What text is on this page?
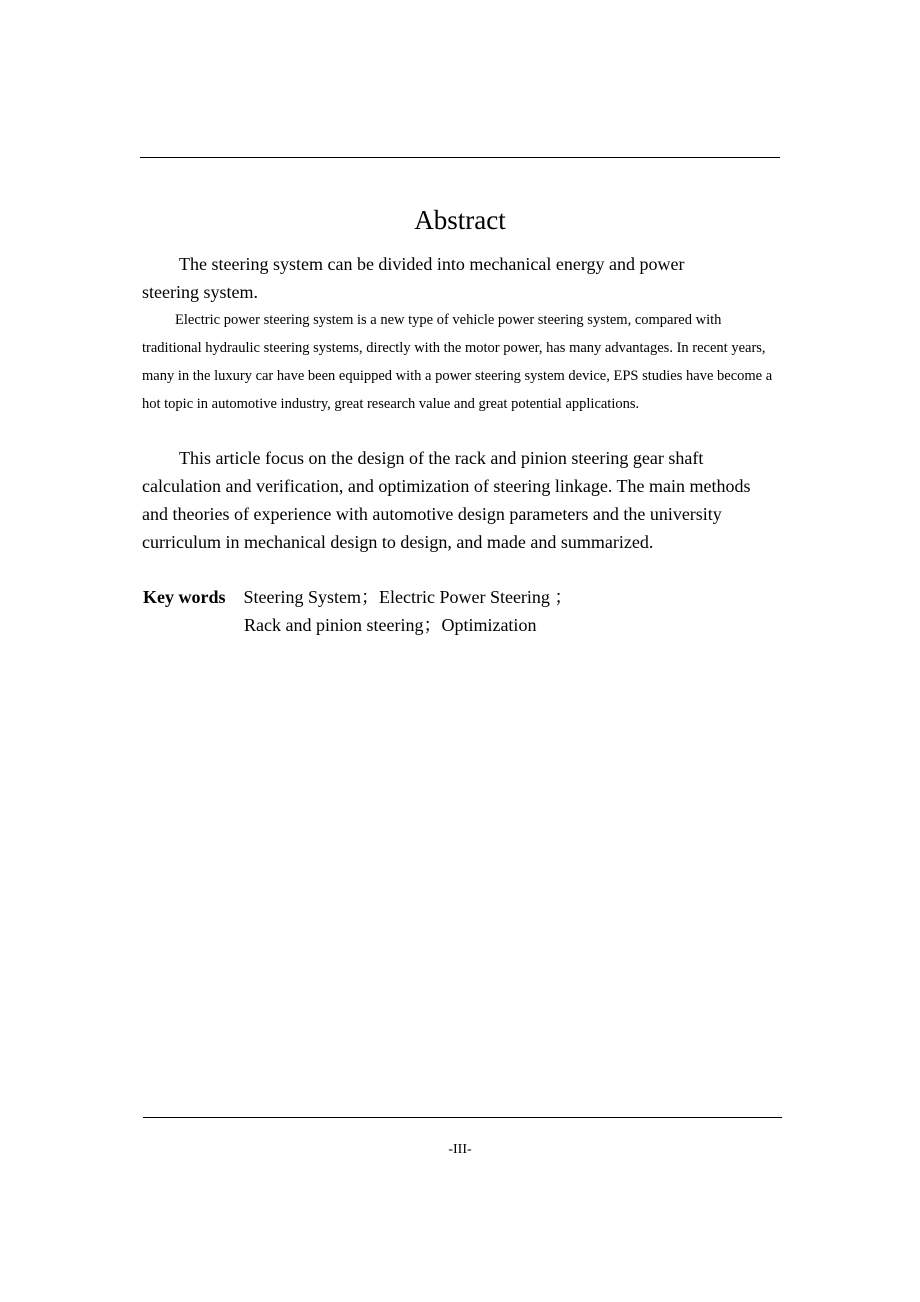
Abstract

The steering system can be divided into mechanical energy and power steering system.

Electric power steering system is a new type of vehicle power steering system, compared with traditional hydraulic steering systems, directly with the motor power, has many advantages. In recent years, many in the luxury car have been equipped with a power steering system device, EPS studies have become a hot topic in automotive industry, great research value and great potential applications.

This article focus on the design of the rack and pinion steering gear shaft calculation and verification, and optimization of steering linkage. The main methods and theories of experience with automotive design parameters and the university curriculum in mechanical design to design, and made and summarized.

Key words Steering System；Electric Power Steering ；
Rack and pinion steering；Optimization
-III-
